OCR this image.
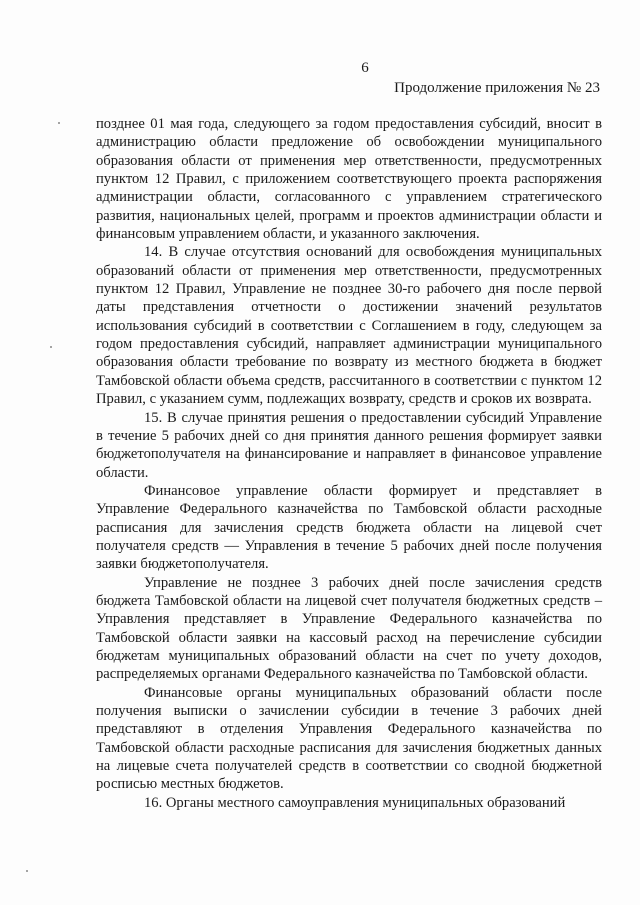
6
Продолжение приложения № 23

позднее 01 мая года, следующего за годом предоставления субсидий, вносит в администрацию области предложение об освобождении муниципального образования области от применения мер ответственности, предусмотренных пунктом 12 Правил, с приложением соответствующего проекта распоряжения администрации области, согласованного с управлением стратегического развития, национальных целей, программ и проектов администрации области и финансовым управлением области, и указанного заключения.

14. В случае отсутствия оснований для освобождения муниципальных образований области от применения мер ответственности, предусмотренных пунктом 12 Правил, Управление не позднее 30-го рабочего дня после первой даты представления отчетности о достижении значений результатов использования субсидий в соответствии с Соглашением в году, следующем за годом предоставления субсидий, направляет администрации муниципального образования области требование по возврату из местного бюджета в бюджет Тамбовской области объема средств, рассчитанного в соответствии с пунктом 12 Правил, с указанием сумм, подлежащих возврату, средств и сроков их возврата.

15. В случае принятия решения о предоставлении субсидий Управление в течение 5 рабочих дней со дня принятия данного решения формирует заявки бюджетополучателя на финансирование и направляет в финансовое управление области.

Финансовое управление области формирует и представляет в Управление Федерального казначейства по Тамбовской области расходные расписания для зачисления средств бюджета области на лицевой счет получателя средств — Управления в течение 5 рабочих дней после получения заявки бюджетополучателя.

Управление не позднее 3 рабочих дней после зачисления средств бюджета Тамбовской области на лицевой счет получателя бюджетных средств – Управления представляет в Управление Федерального казначейства по Тамбовской области заявки на кассовый расход на перечисление субсидии бюджетам муниципальных образований области на счет по учету доходов, распределяемых органами Федерального казначейства по Тамбовской области.

Финансовые органы муниципальных образований области после получения выписки о зачислении субсидии в течение 3 рабочих дней представляют в отделения Управления Федерального казначейства по Тамбовской области расходные расписания для зачисления бюджетных данных на лицевые счета получателей средств в соответствии со сводной бюджетной росписью местных бюджетов.

16. Органы местного самоуправления муниципальных образований
